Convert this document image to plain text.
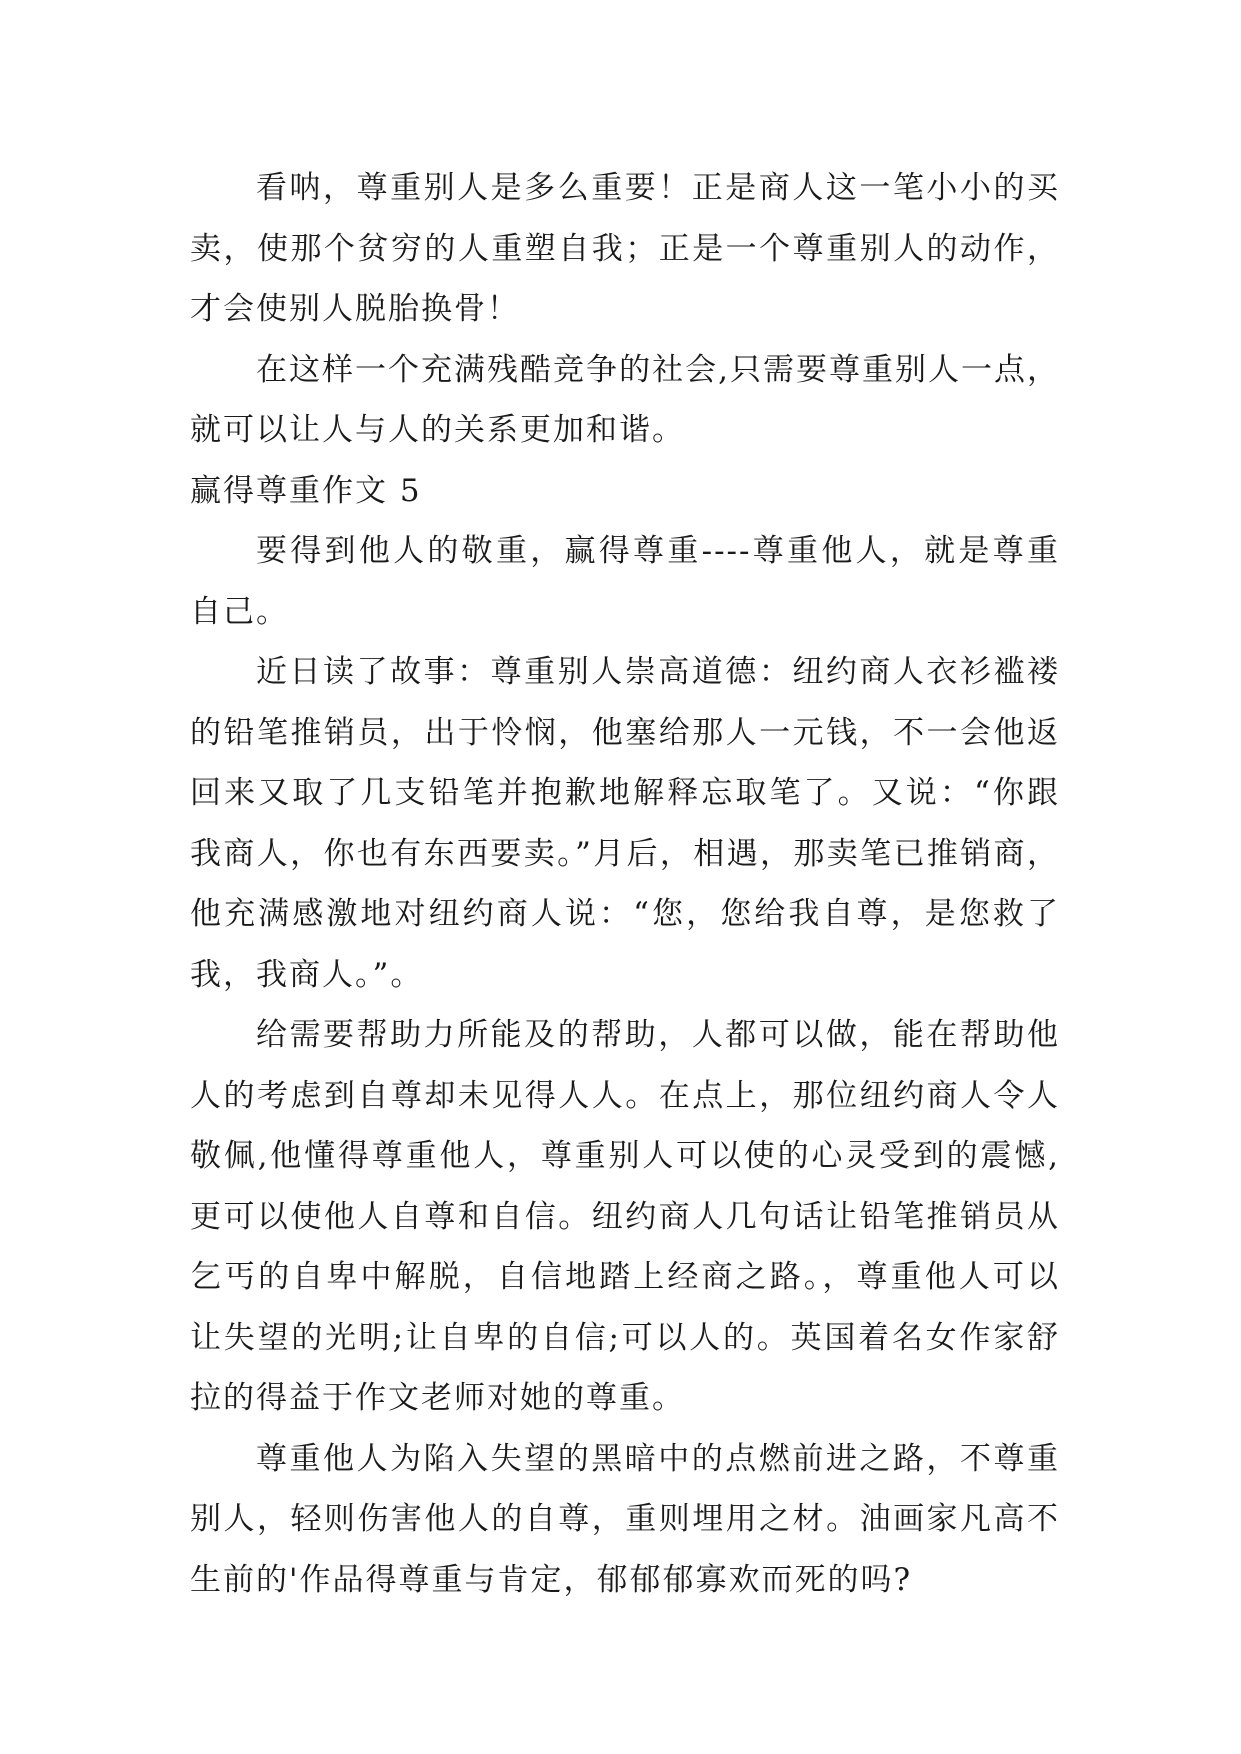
看呐，尊重别人是多么重要！正是商人这一笔小小的买卖，使那个贫穷的人重塑自我；正是一个尊重别人的动作，才会使别人脱胎换骨！

在这样一个充满残酷竞争的社会,只需要尊重别人一点，就可以让人与人的关系更加和谐。

赢得尊重作文 5

要得到他人的敬重，赢得尊重----尊重他人，就是尊重自己。

近日读了故事：尊重别人崇高道德：纽约商人衣衫褴褛的铅笔推销员，出于怜悯，他塞给那人一元钱，不一会他返回来又取了几支铅笔并抱歉地解释忘取笔了。又说：“你跟我商人，你也有东西要卖。”月后，相遇，那卖笔已推销商，他充满感激地对纽约商人说：“您，您给我自尊，是您救了我，我商人。”。

给需要帮助力所能及的帮助，人都可以做，能在帮助他人的考虑到自尊却未见得人人。在点上，那位纽约商人令人敬佩,他懂得尊重他人，尊重别人可以使的心灵受到的震憾,更可以使他人自尊和自信。纽约商人几句话让铅笔推销员从乞丐的自卑中解脱，自信地踏上经商之路。，尊重他人可以让失望的光明;让自卑的自信;可以人的。英国着名女作家舒拉的得益于作文老师对她的尊重。

尊重他人为陷入失望的黑暗中的点燃前进之路，不尊重别人，轻则伤害他人的自尊，重则埋用之材。油画家凡高不生前的'作品得尊重与肯定，郁郁郁寡欢而死的吗?
